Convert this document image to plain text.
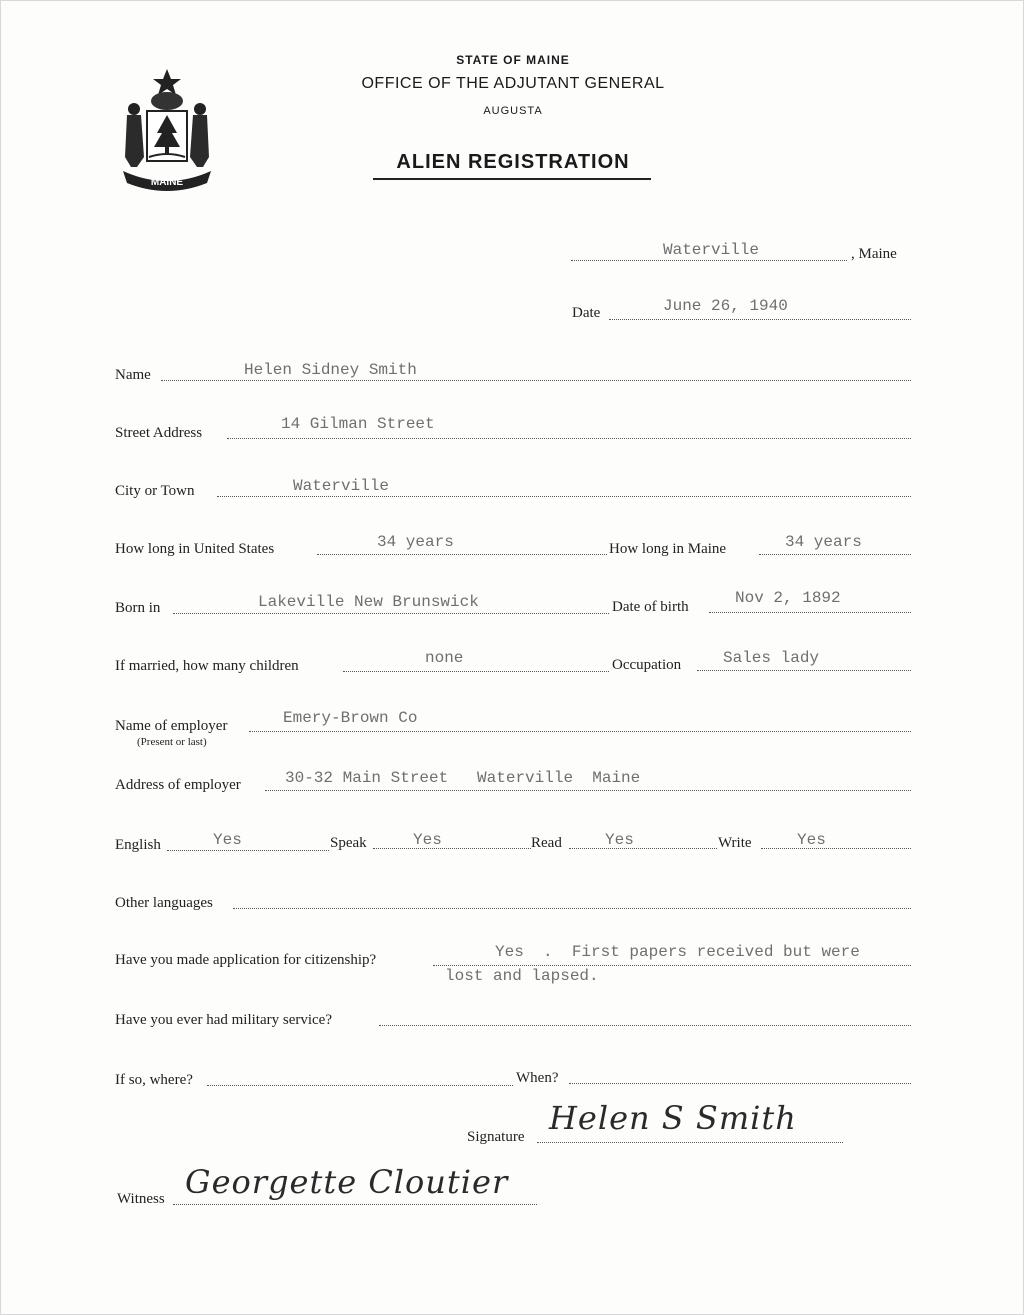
MAINE
STATE OF MAINE
OFFICE OF THE ADJUTANT GENERAL
AUGUSTA
ALIEN REGISTRATION
Waterville	, Maine
Date	June 26, 1940
Name	Helen Sidney Smith
Street Address	14 Gilman Street
City or Town	Waterville
How long in United States	34 years	How long in Maine	34 years
Born in	Lakeville New Brunswick	Date of birth	Nov 2, 1892
If married, how many children	none	Occupation	Sales lady
Name of employer
(Present or last)
Emery-Brown Co
Address of employer	30-32 Main Street   Waterville  Maine
English	Yes	Speak	Yes	Read	Yes	Write	Yes
Other languages
Have you made application for citizenship?	Yes  .  First papers received but were
lost and lapsed.
Have you ever had military service?
If so, where?	When?
Signature Helen S Smith
Witness Georgette Cloutier
